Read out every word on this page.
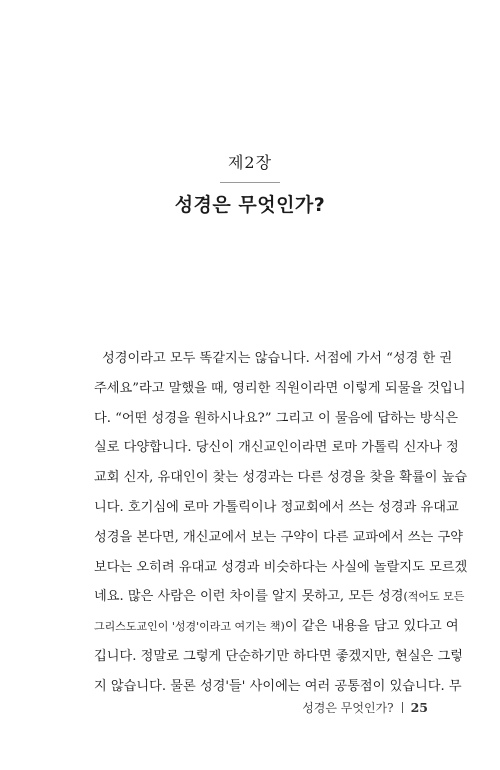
제2장
성경은 무엇인가?
성경이라고 모두 똑같지는 않습니다. 서점에 가서 “성경 한 권
주세요”라고 말했을 때, 영리한 직원이라면 이렇게 되물을 것입니
다. “어떤 성경을 원하시나요?” 그리고 이 물음에 답하는 방식은
실로 다양합니다. 당신이 개신교인이라면 로마 가톨릭 신자나 정
교회 신자, 유대인이 찾는 성경과는 다른 성경을 찾을 확률이 높습
니다. 호기심에 로마 가톨릭이나 정교회에서 쓰는 성경과 유대교
성경을 본다면, 개신교에서 보는 구약이 다른 교파에서 쓰는 구약
보다는 오히려 유대교 성경과 비슷하다는 사실에 놀랄지도 모르겠
네요. 많은 사람은 이런 차이를 알지 못하고, 모든 성경(적어도 모든
그리스도교인이 '성경'이라고 여기는 책)이 같은 내용을 담고 있다고 여
깁니다. 정말로 그렇게 단순하기만 하다면 좋겠지만, 현실은 그렇
지 않습니다. 물론 성경'들' 사이에는 여러 공통점이 있습니다. 무
성경은 무엇인가? 25
